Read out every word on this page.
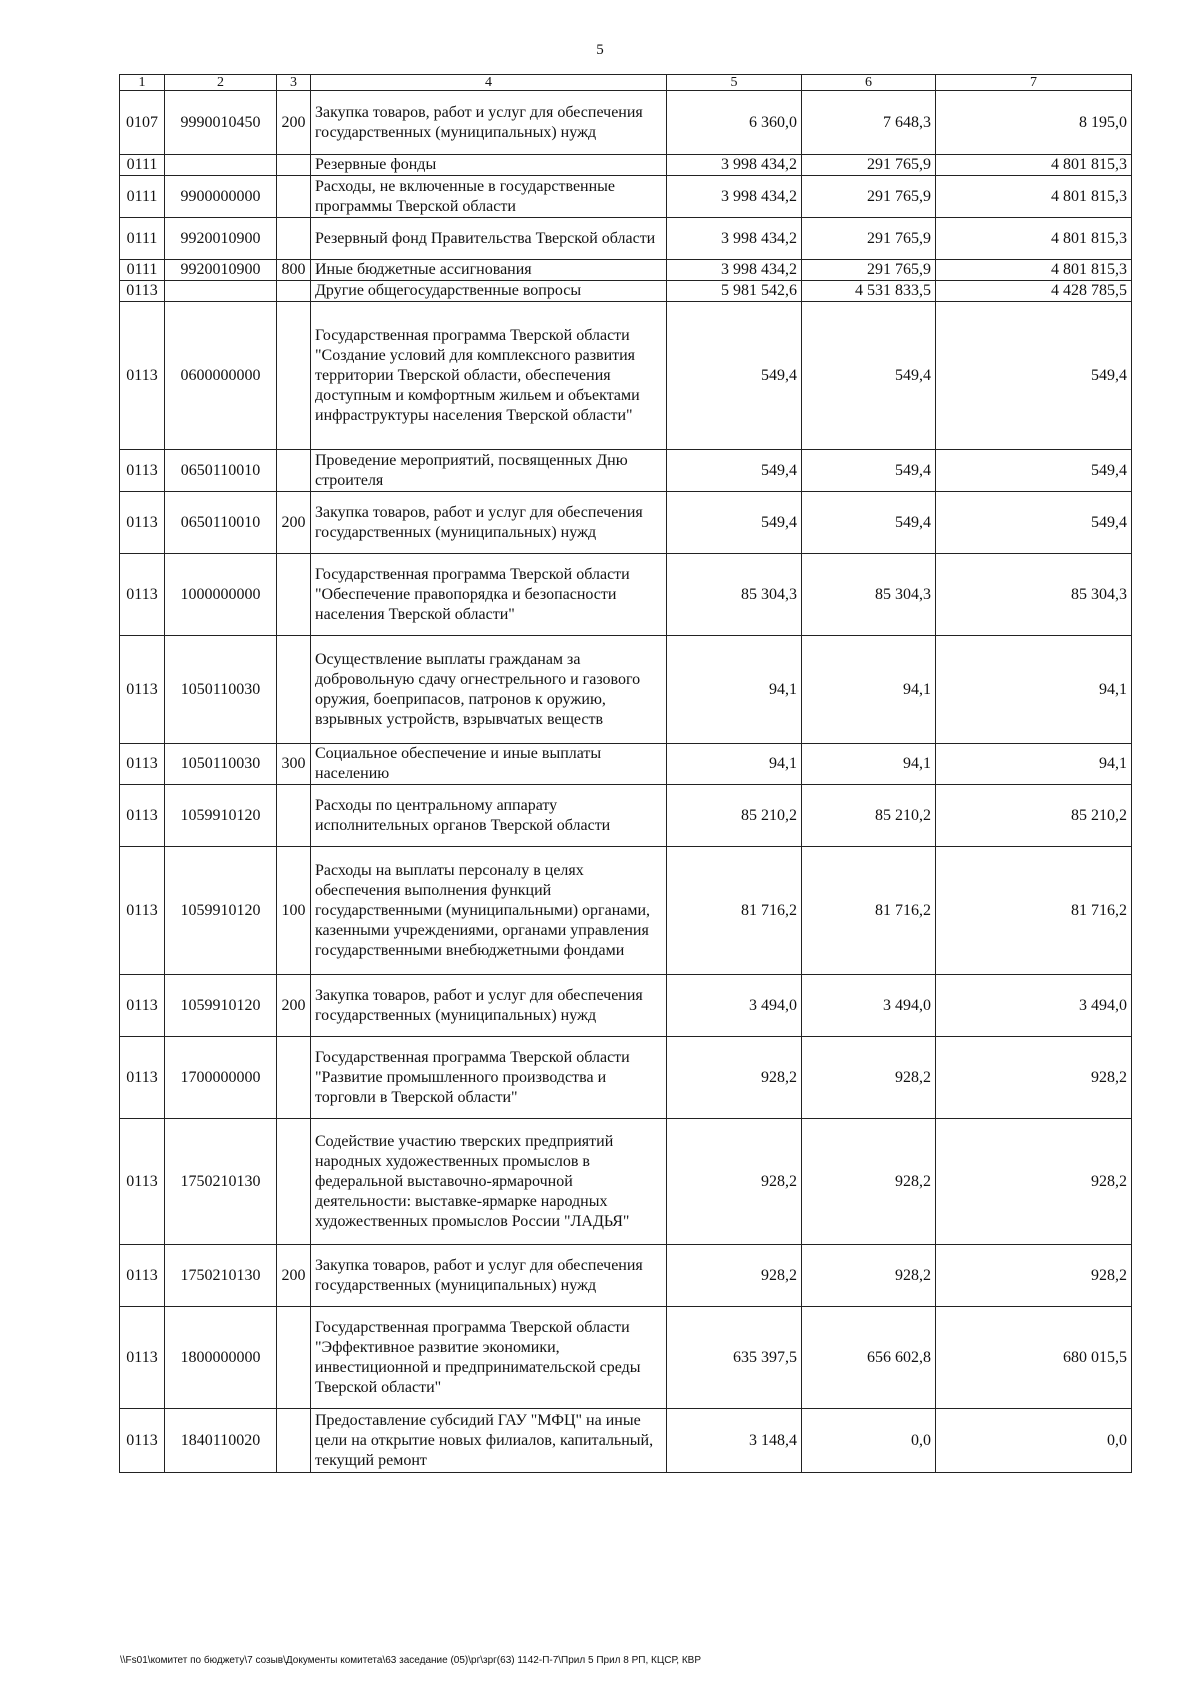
5
1	2	3	4	5	6	7
0107	9990010450	200	Закупка товаров, работ и услуг для обеспечения государственных (муниципальных) нужд	6 360,0	7 648,3	8 195,0
0111			Резервные фонды	3 998 434,2	291 765,9	4 801 815,3
0111	9900000000		Расходы, не включенные в государственные программы Тверской области	3 998 434,2	291 765,9	4 801 815,3
0111	9920010900		Резервный фонд Правительства Тверской области	3 998 434,2	291 765,9	4 801 815,3
0111	9920010900	800	Иные бюджетные ассигнования	3 998 434,2	291 765,9	4 801 815,3
0113			Другие общегосударственные вопросы	5 981 542,6	4 531 833,5	4 428 785,5
0113	0600000000		Государственная программа Тверской области "Создание условий для комплексного развития территории Тверской области, обеспечения доступным и комфортным жильем и объектами инфраструктуры населения Тверской области"	549,4	549,4	549,4
0113	0650110010		Проведение мероприятий, посвященных Дню строителя	549,4	549,4	549,4
0113	0650110010	200	Закупка товаров, работ и услуг для обеспечения государственных (муниципальных) нужд	549,4	549,4	549,4
0113	1000000000		Государственная программа Тверской области "Обеспечение правопорядка и безопасности населения Тверской области"	85 304,3	85 304,3	85 304,3
0113	1050110030		Осуществление выплаты гражданам за добровольную сдачу огнестрельного и газового оружия, боеприпасов, патронов к оружию, взрывных устройств, взрывчатых веществ	94,1	94,1	94,1
0113	1050110030	300	Социальное обеспечение и иные выплаты населению	94,1	94,1	94,1
0113	1059910120		Расходы по центральному аппарату исполнительных органов Тверской области	85 210,2	85 210,2	85 210,2
0113	1059910120	100	Расходы на выплаты персоналу в целях обеспечения выполнения функций государственными (муниципальными) органами, казенными учреждениями, органами управления государственными внебюджетными фондами	81 716,2	81 716,2	81 716,2
0113	1059910120	200	Закупка товаров, работ и услуг для обеспечения государственных (муниципальных) нужд	3 494,0	3 494,0	3 494,0
0113	1700000000		Государственная программа Тверской области "Развитие промышленного производства и торговли в Тверской области"	928,2	928,2	928,2
0113	1750210130		Содействие участию тверских предприятий народных художественных промыслов в федеральной выставочно-ярмарочной деятельности: выставке-ярмарке народных художественных промыслов России "ЛАДЬЯ"	928,2	928,2	928,2
0113	1750210130	200	Закупка товаров, работ и услуг для обеспечения государственных (муниципальных) нужд	928,2	928,2	928,2
0113	1800000000		Государственная программа Тверской области "Эффективное развитие экономики, инвестиционной и предпринимательской среды Тверской области"	635 397,5	656 602,8	680 015,5
0113	1840110020		Предоставление субсидий ГАУ "МФЦ" на иные цели на открытие новых филиалов, капитальный, текущий ремонт	3 148,4	0,0	0,0
\\Fs01\комитет по бюджету\7 созыв\Документы комитета\63 заседание (05)\рг\зрг(63) 1142-П-7\Прил 5 Прил 8 РП, КЦСР, КВР
